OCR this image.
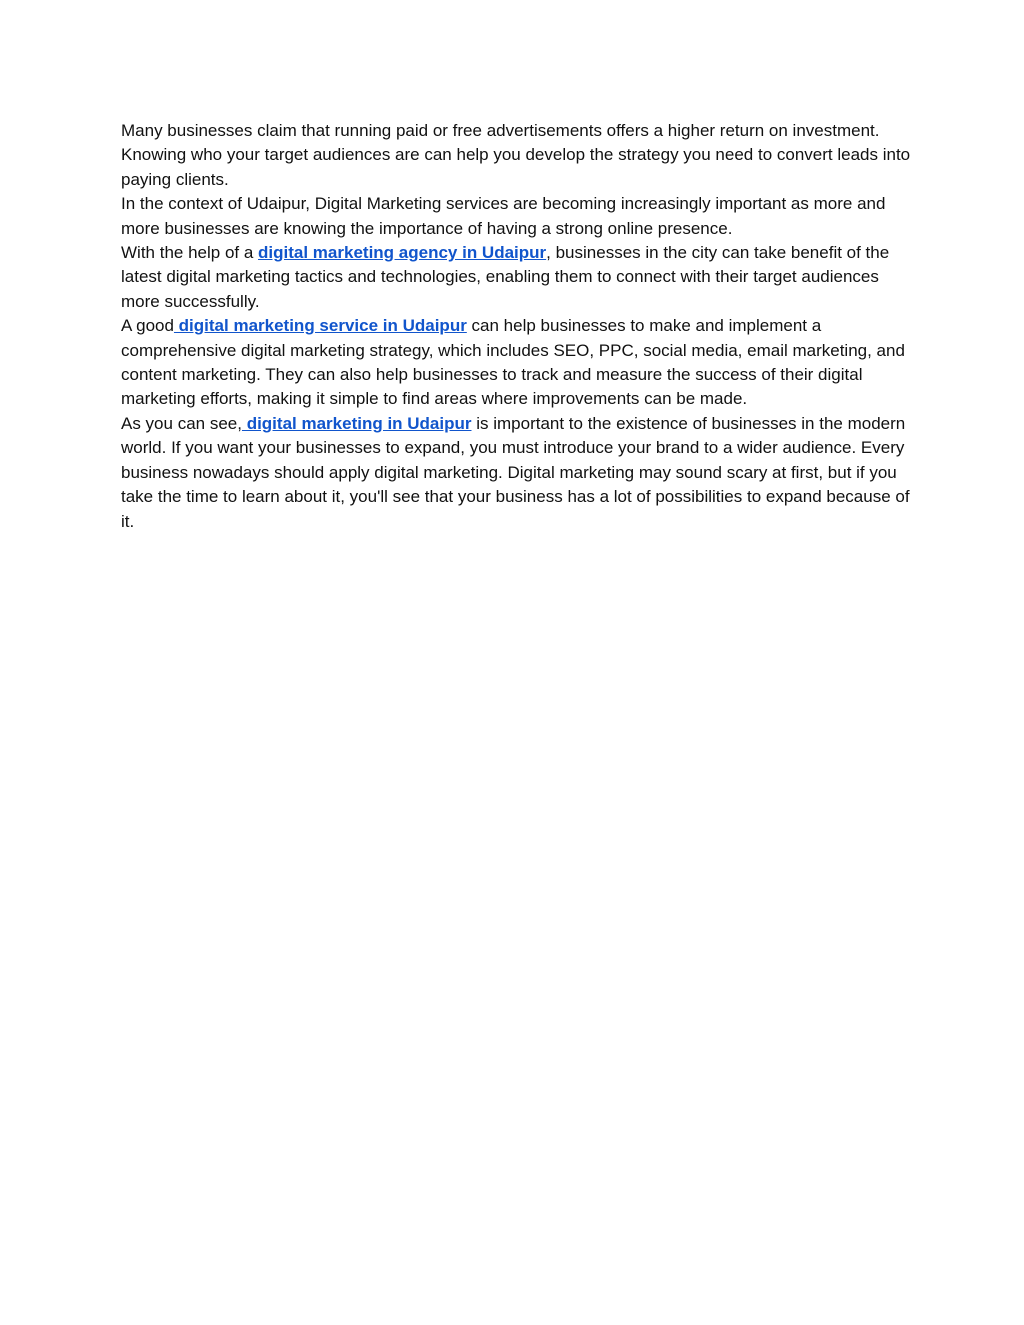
Many businesses claim that running paid or free advertisements offers a higher return on investment. Knowing who your target audiences are can help you develop the strategy you need to convert leads into paying clients.

In the context of Udaipur, Digital Marketing services are becoming increasingly important as more and more businesses are knowing the importance of having a strong online presence.

With the help of a digital marketing agency in Udaipur, businesses in the city can take benefit of the latest digital marketing tactics and technologies, enabling them to connect with their target audiences more successfully.

A good digital marketing service in Udaipur can help businesses to make and implement a comprehensive digital marketing strategy, which includes SEO, PPC, social media, email marketing, and content marketing. They can also help businesses to track and measure the success of their digital marketing efforts, making it simple to find areas where improvements can be made.

As you can see, digital marketing in Udaipur is important to the existence of businesses in the modern world. If you want your businesses to expand, you must introduce your brand to a wider audience. Every business nowadays should apply digital marketing. Digital marketing may sound scary at first, but if you take the time to learn about it, you'll see that your business has a lot of possibilities to expand because of it.
